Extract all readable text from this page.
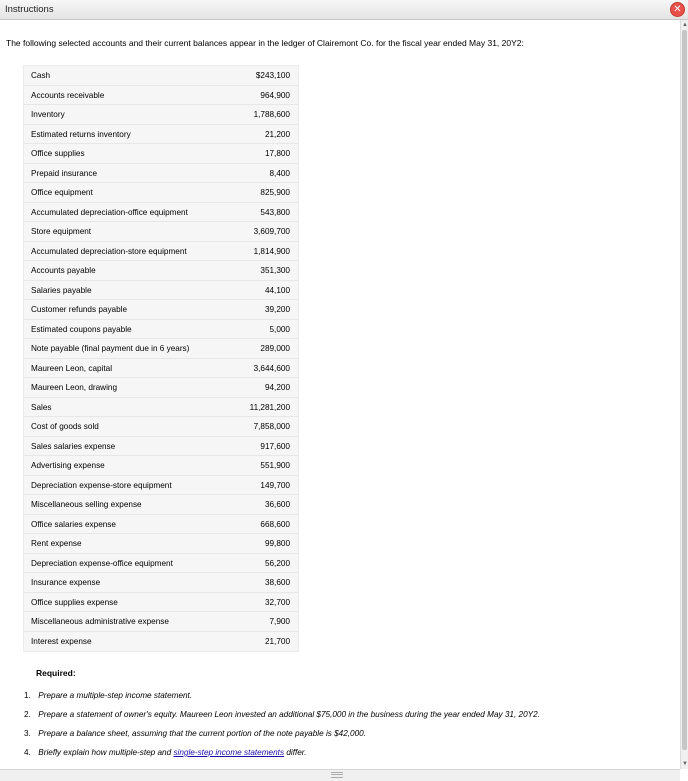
Instructions	✕
The following selected accounts and their current balances appear in the ledger of Clairemont Co. for the fiscal year ended May 31, 20Y2:
Cash	$243,100
Accounts receivable	964,900
Inventory	1,788,600
Estimated returns inventory	21,200
Office supplies	17,800
Prepaid insurance	8,400
Office equipment	825,900
Accumulated depreciation-office equipment	543,800
Store equipment	3,609,700
Accumulated depreciation-store equipment	1,814,900
Accounts payable	351,300
Salaries payable	44,100
Customer refunds payable	39,200
Estimated coupons payable	5,000
Note payable (final payment due in 6 years)	289,000
Maureen Leon, capital	3,644,600
Maureen Leon, drawing	94,200
Sales	11,281,200
Cost of goods sold	7,858,000
Sales salaries expense	917,600
Advertising expense	551,900
Depreciation expense-store equipment	149,700
Miscellaneous selling expense	36,600
Office salaries expense	668,600
Rent expense	99,800
Depreciation expense-office equipment	56,200
Insurance expense	38,600
Office supplies expense	32,700
Miscellaneous administrative expense	7,900
Interest expense	21,700
Required:
1. Prepare a multiple-step income statement.
2. Prepare a statement of owner's equity. Maureen Leon invested an additional $75,000 in the business during the year ended May 31, 20Y2.
3. Prepare a balance sheet, assuming that the current portion of the note payable is $42,000.
4. Briefly explain how multiple-step and single-step income statements differ.
▲
▼
